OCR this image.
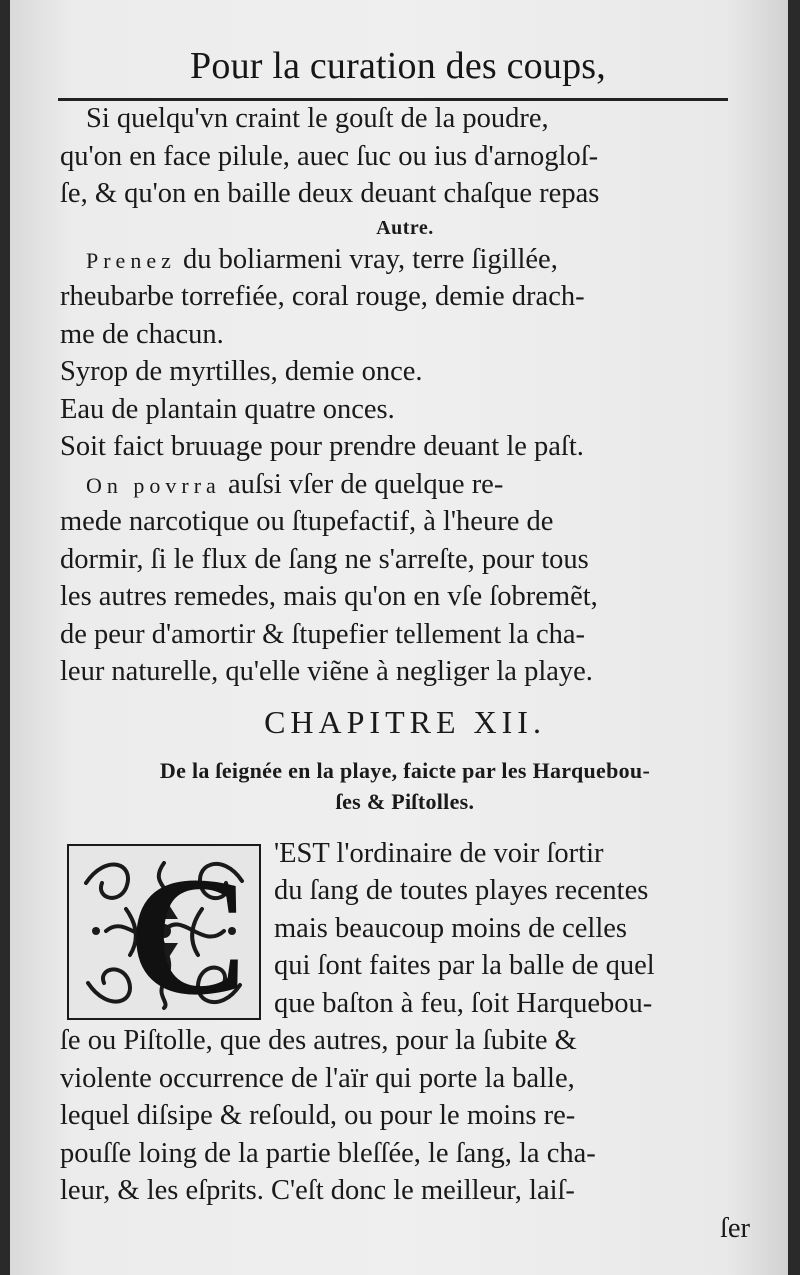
Pour la curation des coups,
Si quelqu'vn craint le gouſt de la poudre,
qu'on en face pilule, auec ſuc ou ius d'arnogloſ-
ſe, & qu'on en baille deux deuant chaſque repas
Autre.
Prenez du boliarmeni vray, terre ſigillée,
rheubarbe torrefiée, coral rouge, demie drach-
me de chacun.
Syrop de myrtilles, demie once.
Eau de plantain quatre onces.
Soit faict bruuage pour prendre deuant le paſt.
On povrra auſsi vſer de quelque re-
mede narcotique ou ſtupefactif, à l'heure de
dormir, ſi le flux de ſang ne s'arreſte, pour tous
les autres remedes, mais qu'on en vſe ſobremẽt,
de peur d'amortir & ſtupefier tellement la cha-
leur naturelle, qu'elle viẽne à negliger la playe.
CHAPITRE XII.
De la ſeignée en la playe, faicte par les Harquebou-
ſes & Piſtolles.
C 'EST l'ordinaire de voir ſortir
du ſang de toutes playes recentes
mais beaucoup moins de celles
qui ſont faites par la balle de quel
que baſton à feu, ſoit Harquebou-
ſe ou Piſtolle, que des autres, pour la ſubite &
violente occurrence de l'aïr qui porte la balle,
lequel diſsipe & reſould, ou pour le moins re-
pouſſe loing de la partie bleſſée, le ſang, la cha-
leur, & les eſprits. C'eſt donc le meilleur, laiſ-
ſer
